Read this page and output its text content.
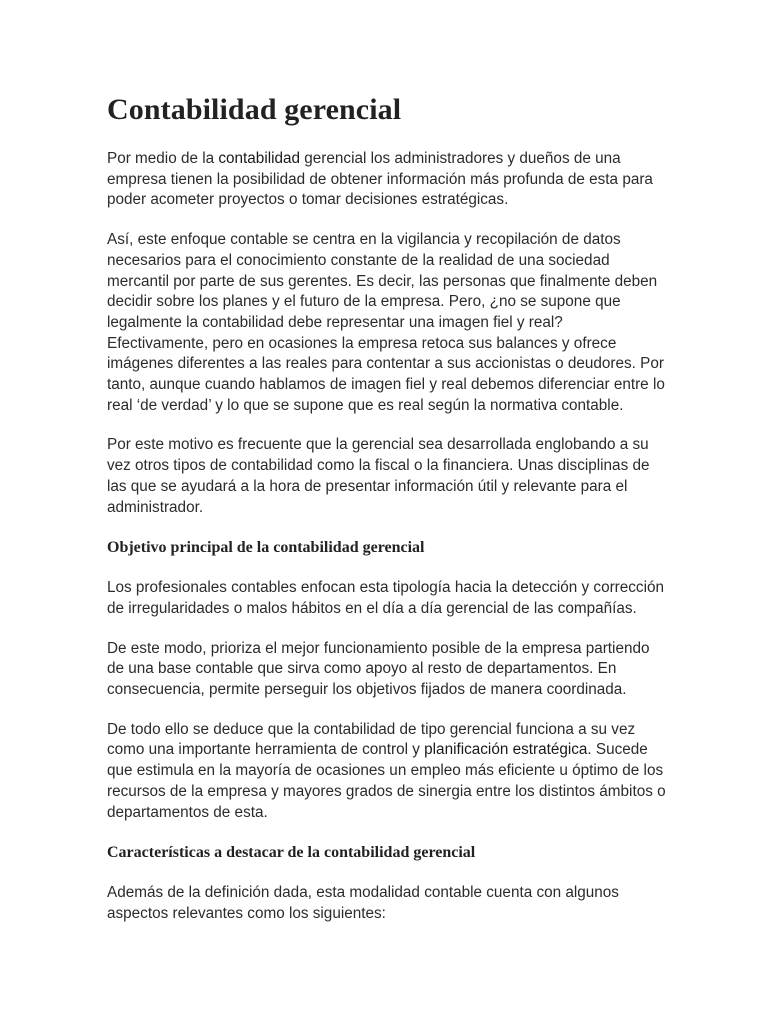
Contabilidad gerencial

Por medio de la contabilidad gerencial los administradores y dueños de una empresa tienen la posibilidad de obtener información más profunda de esta para poder acometer proyectos o tomar decisiones estratégicas.

Así, este enfoque contable se centra en la vigilancia y recopilación de datos necesarios para el conocimiento constante de la realidad de una sociedad mercantil por parte de sus gerentes. Es decir, las personas que finalmente deben decidir sobre los planes y el futuro de la empresa. Pero, ¿no se supone que legalmente la contabilidad debe representar una imagen fiel y real? Efectivamente, pero en ocasiones la empresa retoca sus balances y ofrece imágenes diferentes a las reales para contentar a sus accionistas o deudores. Por tanto, aunque cuando hablamos de imagen fiel y real debemos diferenciar entre lo real ‘de verdad’ y lo que se supone que es real según la normativa contable.

Por este motivo es frecuente que la gerencial sea desarrollada englobando a su vez otros tipos de contabilidad como la fiscal o la financiera. Unas disciplinas de las que se ayudará a la hora de presentar información útil y relevante para el administrador.

Objetivo principal de la contabilidad gerencial

Los profesionales contables enfocan esta tipología hacia la detección y corrección de irregularidades o malos hábitos en el día a día gerencial de las compañías.

De este modo, prioriza el mejor funcionamiento posible de la empresa partiendo de una base contable que sirva como apoyo al resto de departamentos. En consecuencia, permite perseguir los objetivos fijados de manera coordinada.

De todo ello se deduce que la contabilidad de tipo gerencial funciona a su vez como una importante herramienta de control y planificación estratégica. Sucede que estimula en la mayoría de ocasiones un empleo más eficiente u óptimo de los recursos de la empresa y mayores grados de sinergia entre los distintos ámbitos o departamentos de esta.

Características a destacar de la contabilidad gerencial

Además de la definición dada, esta modalidad contable cuenta con algunos aspectos relevantes como los siguientes:
